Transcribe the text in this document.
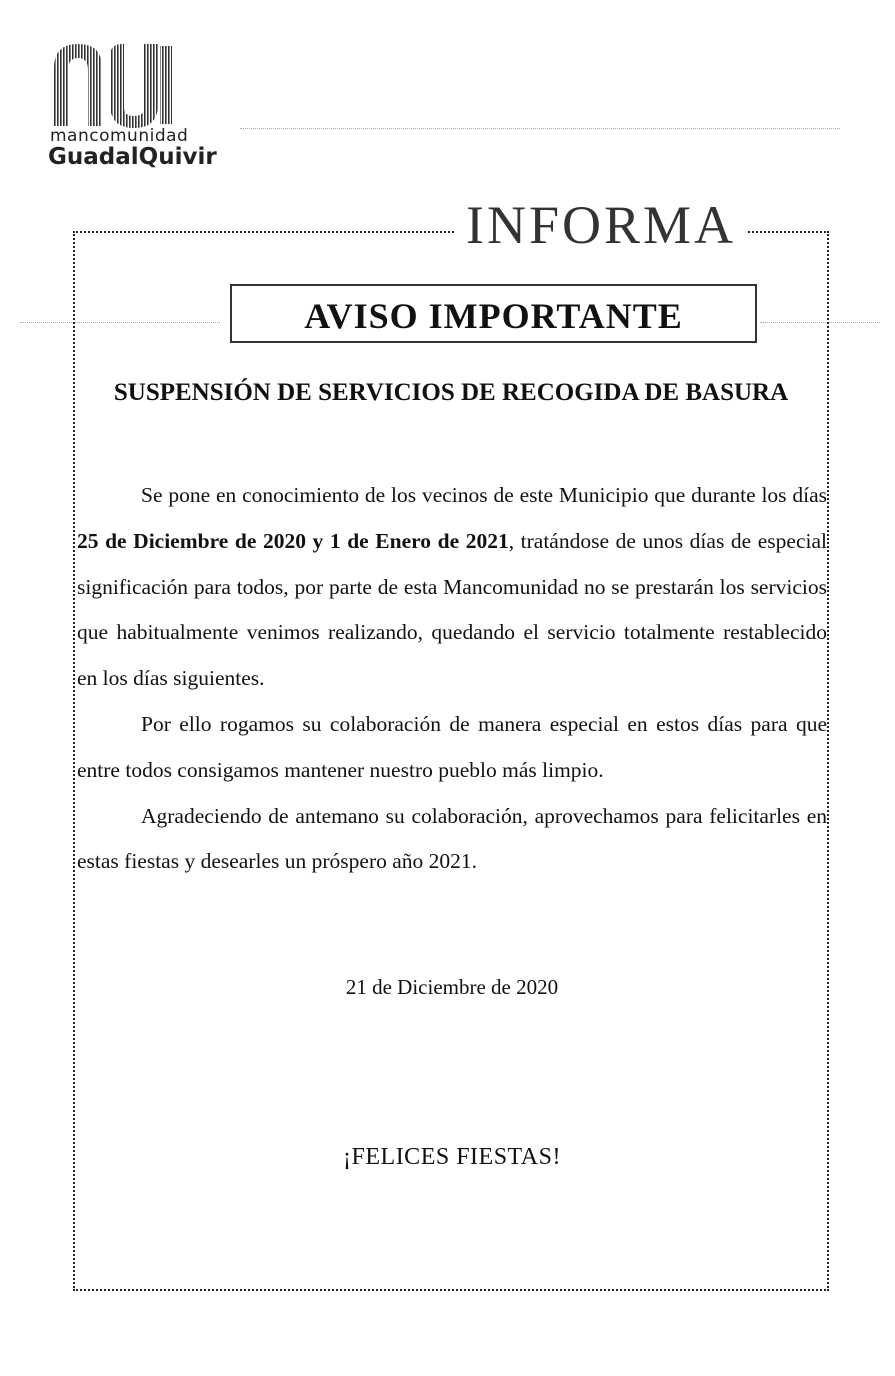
mancomunidad
GuadalQuivir
INFORMA
AVISO IMPORTANTE
SUSPENSIÓN DE SERVICIOS DE RECOGIDA DE BASURA

Se pone en conocimiento de los vecinos de este Municipio que durante los días 25 de Diciembre de 2020 y 1 de Enero de 2021, tratándose de unos días de especial significación para todos, por parte de esta Mancomunidad no se prestarán los servicios que habitualmente venimos realizando, quedando el servicio totalmente restablecido en los días siguientes.

Por ello rogamos su colaboración de manera especial en estos días para que entre todos consigamos mantener nuestro pueblo más limpio.

Agradeciendo de antemano su colaboración, aprovechamos para felicitarles en estas fiestas y desearles un próspero año 2021.

21 de Diciembre de 2020
¡FELICES FIESTAS!
